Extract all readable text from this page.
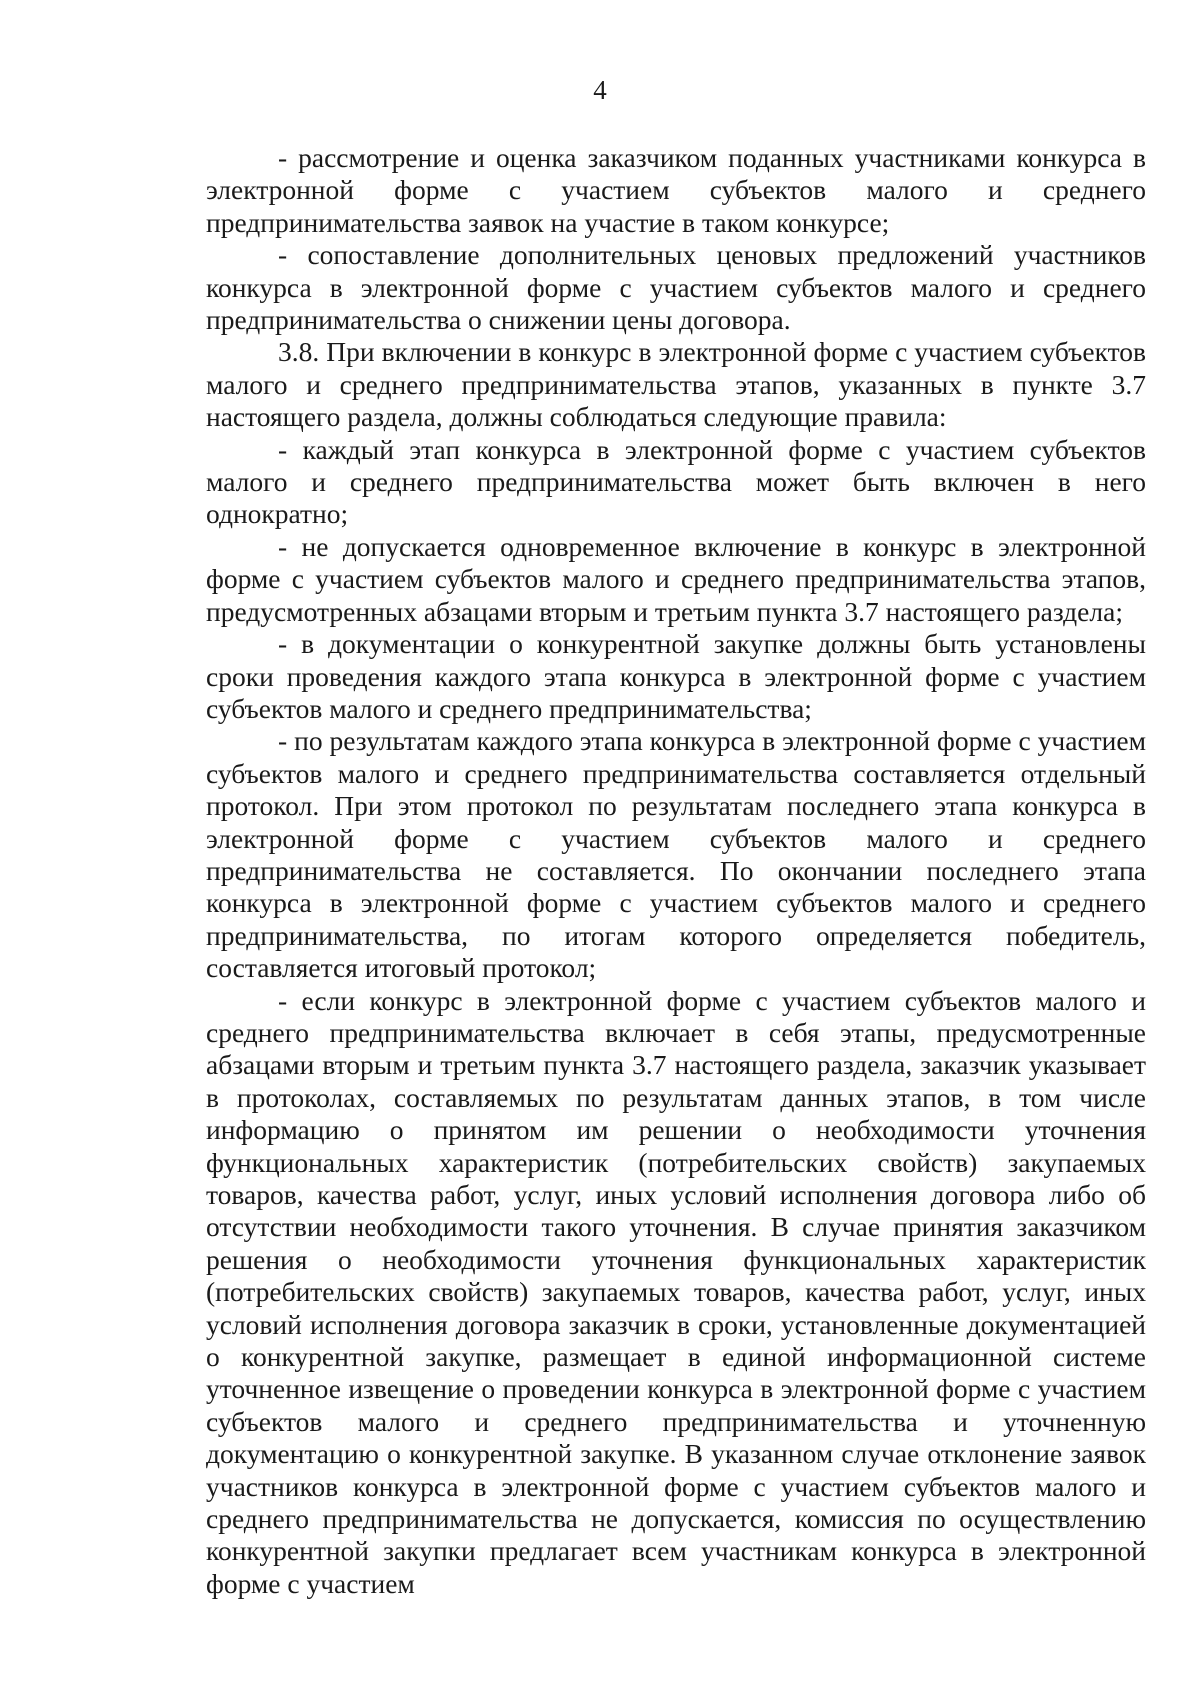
4

- рассмотрение и оценка заказчиком поданных участниками конкурса в электронной форме с участием субъектов малого и среднего предпринимательства заявок на участие в таком конкурсе;

- сопоставление дополнительных ценовых предложений участников конкурса в электронной форме с участием субъектов малого и среднего предпринимательства о снижении цены договора.

3.8. При включении в конкурс в электронной форме с участием субъектов малого и среднего предпринимательства этапов, указанных в пункте 3.7 настоящего раздела, должны соблюдаться следующие правила:

- каждый этап конкурса в электронной форме с участием субъектов малого и среднего предпринимательства может быть включен в него однократно;

- не допускается одновременное включение в конкурс в электронной форме с участием субъектов малого и среднего предпринимательства этапов, предусмотренных абзацами вторым и третьим пункта 3.7 настоящего раздела;

- в документации о конкурентной закупке должны быть установлены сроки проведения каждого этапа конкурса в электронной форме с участием субъектов малого и среднего предпринимательства;

- по результатам каждого этапа конкурса в электронной форме с участием субъектов малого и среднего предпринимательства составляется отдельный протокол. При этом протокол по результатам последнего этапа конкурса в электронной форме с участием субъектов малого и среднего предпринимательства не составляется. По окончании последнего этапа конкурса в электронной форме с участием субъектов малого и среднего предпринимательства, по итогам которого определяется победитель, составляется итоговый протокол;

- если конкурс в электронной форме с участием субъектов малого и среднего предпринимательства включает в себя этапы, предусмотренные абзацами вторым и третьим пункта 3.7 настоящего раздела, заказчик указывает в протоколах, составляемых по результатам данных этапов, в том числе информацию о принятом им решении о необходимости уточнения функциональных характеристик (потребительских свойств) закупаемых товаров, качества работ, услуг, иных условий исполнения договора либо об отсутствии необходимости такого уточнения. В случае принятия заказчиком решения о необходимости уточнения функциональных характеристик (потребительских свойств) закупаемых товаров, качества работ, услуг, иных условий исполнения договора заказчик в сроки, установленные документацией о конкурентной закупке, размещает в единой информационной системе уточненное извещение о проведении конкурса в электронной форме с участием субъектов малого и среднего предпринимательства и уточненную документацию о конкурентной закупке. В указанном случае отклонение заявок участников конкурса в электронной форме с участием субъектов малого и среднего предпринимательства не допускается, комиссия по осуществлению конкурентной закупки предлагает всем участникам конкурса в электронной форме с участием
